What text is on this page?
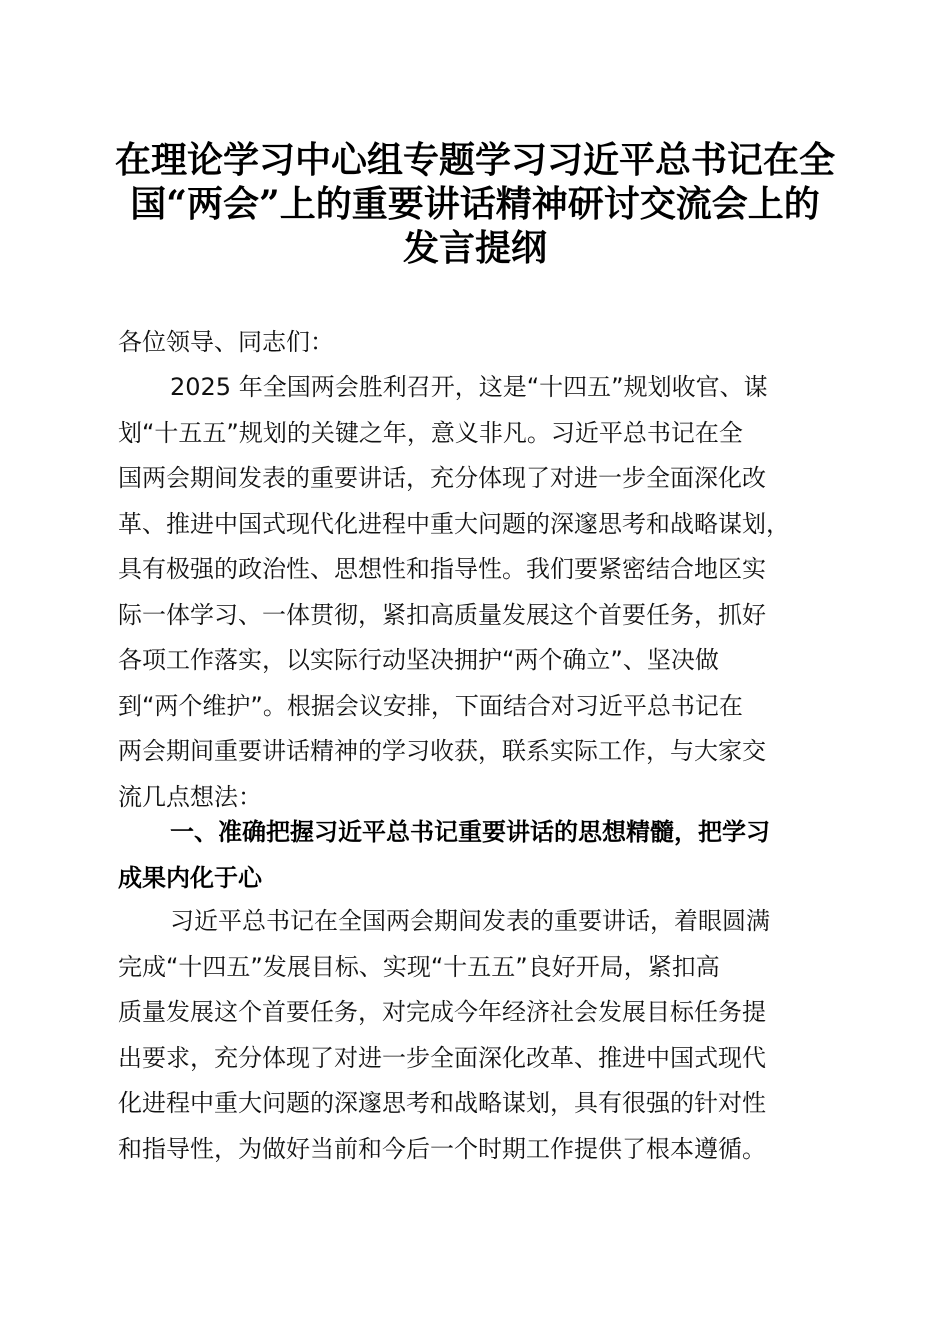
在理论学习中心组专题学习习近平总书记在全
国“两会”上的重要讲话精神研讨交流会上的
发言提纲

各位领导、同志们：

2025 年全国两会胜利召开，这是“十四五”规划收官、谋
划“十五五”规划的关键之年，意义非凡。习近平总书记在全
国两会期间发表的重要讲话，充分体现了对进一步全面深化改
革、推进中国式现代化进程中重大问题的深邃思考和战略谋划，
具有极强的政治性、思想性和指导性。我们要紧密结合地区实
际一体学习、一体贯彻，紧扣高质量发展这个首要任务，抓好
各项工作落实，以实际行动坚决拥护“两个确立”、坚决做
到“两个维护”。根据会议安排，下面结合对习近平总书记在
两会期间重要讲话精神的学习收获，联系实际工作，与大家交
流几点想法：

一、准确把握习近平总书记重要讲话的思想精髓，把学习
成果内化于心

习近平总书记在全国两会期间发表的重要讲话，着眼圆满
完成“十四五”发展目标、实现“十五五”良好开局，紧扣高
质量发展这个首要任务，对完成今年经济社会发展目标任务提
出要求，充分体现了对进一步全面深化改革、推进中国式现代
化进程中重大问题的深邃思考和战略谋划，具有很强的针对性
和指导性，为做好当前和今后一个时期工作提供了根本遵循。
